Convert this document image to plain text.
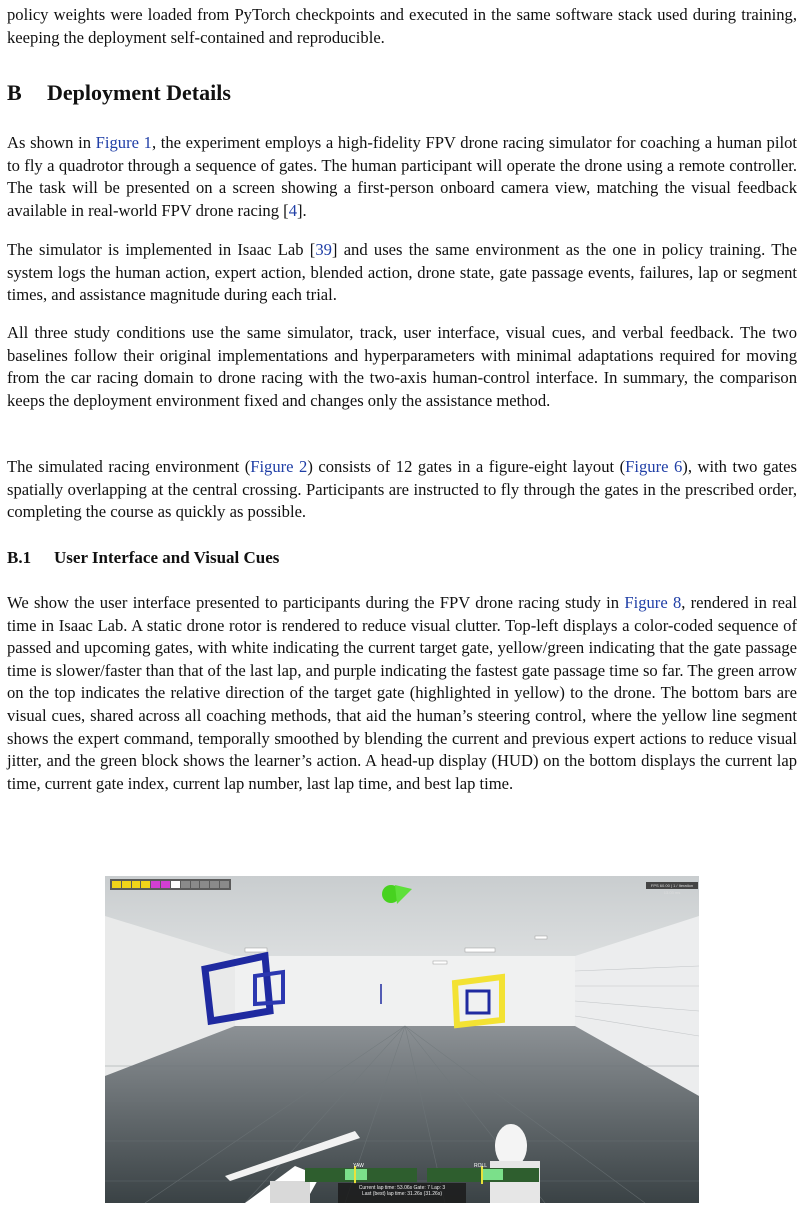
policy weights were loaded from PyTorch checkpoints and executed in the same software stack used during training, keeping the deployment self-contained and reproducible.

B Deployment Details

As shown in Figure 1, the experiment employs a high-fidelity FPV drone racing simulator for coaching a human pilot to fly a quadrotor through a sequence of gates. The human participant will operate the drone using a remote controller. The task will be presented on a screen showing a first-person onboard camera view, matching the visual feedback available in real-world FPV drone racing [4].

The simulator is implemented in Isaac Lab [39] and uses the same environment as the one in policy training. The system logs the human action, expert action, blended action, drone state, gate passage events, failures, lap or segment times, and assistance magnitude during each trial.

All three study conditions use the same simulator, track, user interface, visual cues, and verbal feedback. The two baselines follow their original implementations and hyperparameters with minimal adaptations required for moving from the car racing domain to drone racing with the two-axis human-control interface. In summary, the comparison keeps the deployment environment fixed and changes only the assistance method.

The simulated racing environment (Figure 2) consists of 12 gates in a figure-eight layout (Figure 6), with two gates spatially overlapping at the central crossing. Participants are instructed to fly through the gates in the prescribed order, completing the course as quickly as possible.

B.1 User Interface and Visual Cues

We show the user interface presented to participants during the FPV drone racing study in Figure 8, rendered in real time in Isaac Lab. A static drone rotor is rendered to reduce visual clutter. Top-left displays a color-coded sequence of passed and upcoming gates, with white indicating the current target gate, yellow/green indicating that the gate passage time is slower/faster than that of the last lap, and purple indicating the fastest gate passage time so far. The green arrow on the top indicates the relative direction of the target gate (highlighted in yellow) to the drone. The bottom bars are visual cues, shared across all coaching methods, that aid the human’s steering control, where the yellow line segment shows the expert command, temporally smoothed by blending the current and previous expert actions to reduce visual jitter, and the green block shows the learner’s action. A head-up display (HUD) on the bottom displays the current lap time, current gate index, current lap number, last lap time, and best lap time.

FPS 60.00 | 1 / Iteration 13.03 ms
YAW	ROLL
Current lap time: 53.06s Gate: 7 Lap: 3
Last (best) lap time: 31.26s (31.26s)
